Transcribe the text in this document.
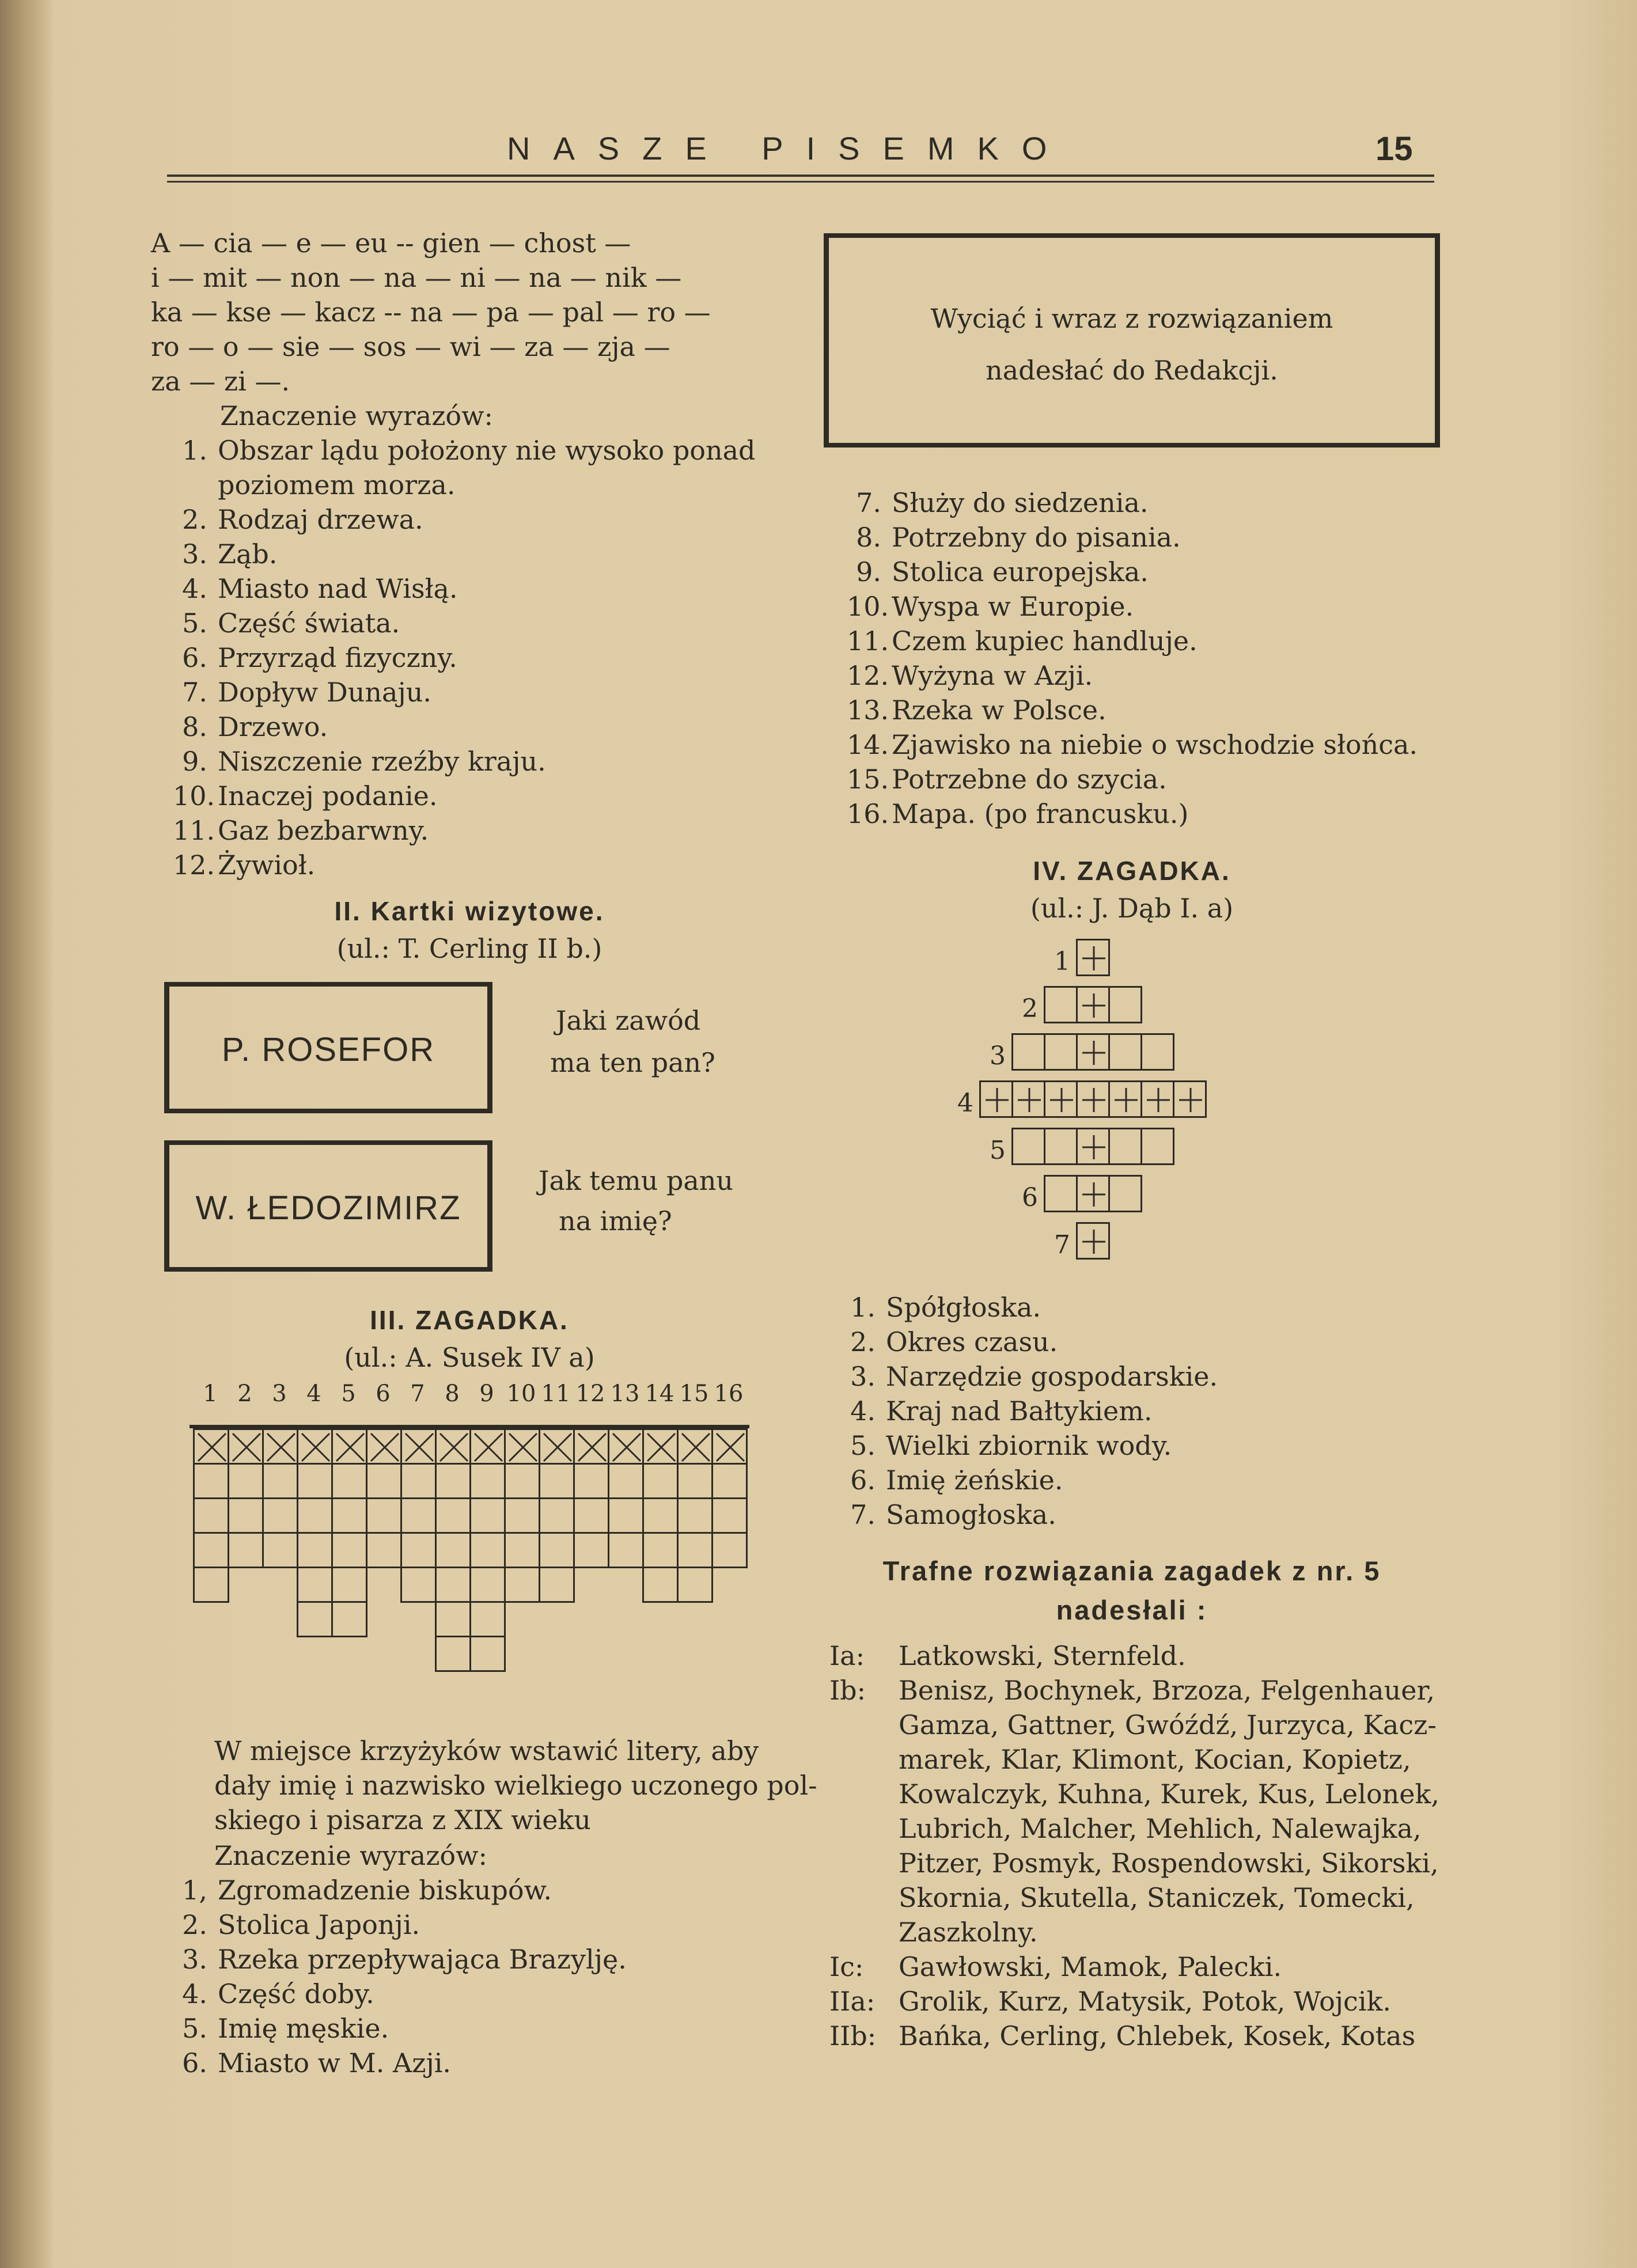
NASZE PISEMKO	15
A — cia — e — eu -- gien — chost —
i — mit — non — na — ni — na — nik —
ka — kse — kacz -- na — pa — pal — ro —
ro — o — sie — sos — wi — za — zja —
za — zi —.
Znaczenie wyrazów:
1. Obszar lądu położony nie wysoko ponad
poziomem morza.
2. Rodzaj drzewa.
3. Ząb.
4. Miasto nad Wisłą.
5. Część świata.
6. Przyrząd fizyczny.
7. Dopływ Dunaju.
8. Drzewo.
9. Niszczenie rzeźby kraju.
10. Inaczej podanie.
11. Gaz bezbarwny.
12. Żywioł.
II. Kartki wizytowe.
(ul.: T. Cerling II b.)
P. ROSEFOR
Jaki zawód
ma ten pan?
W. ŁEDOZIMIRZ
Jak temu panu
na imię?
III. ZAGADKA.
(ul.: A. Susek IV a)
1 2 3 4 5 6 7 8 9 10 11 12 13 14 15 16
W miejsce krzyżyków wstawić litery, aby
dały imię i nazwisko wielkiego uczonego pol-
skiego i pisarza z XIX wieku
Znaczenie wyrazów:
1, Zgromadzenie biskupów.
2. Stolica Japonji.
3. Rzeka przepływająca Brazylję.
4. Część doby.
5. Imię męskie.
6. Miasto w M. Azji.
Wyciąć i wraz z rozwiązaniem
nadesłać do Redakcji.
7. Służy do siedzenia.
8. Potrzebny do pisania.
9. Stolica europejska.
10. Wyspa w Europie.
11. Czem kupiec handluje.
12. Wyżyna w Azji.
13. Rzeka w Polsce.
14. Zjawisko na niebie o wschodzie słońca.
15. Potrzebne do szycia.
16. Mapa. (po francusku.)
IV. ZAGADKA.
(ul.: J. Dąb I. a)
1
2
3
4
5
6
7
1. Spółgłoska.
2. Okres czasu.
3. Narzędzie gospodarskie.
4. Kraj nad Bałtykiem.
5. Wielki zbiornik wody.
6. Imię żeńskie.
7. Samogłoska.
Trafne rozwiązania zagadek z nr. 5
nadesłali :
Ia: Latkowski, Sternfeld.
Ib: Benisz, Bochynek, Brzoza, Felgenhauer,
Gamza, Gattner, Gwóźdź, Jurzyca, Kacz-
marek, Klar, Klimont, Kocian, Kopietz,
Kowalczyk, Kuhna, Kurek, Kus, Lelonek,
Lubrich, Malcher, Mehlich, Nalewajka,
Pitzer, Posmyk, Rospendowski, Sikorski,
Skornia, Skutella, Staniczek, Tomecki,
Zaszkolny.
Ic: Gawłowski, Mamok, Palecki.
IIa: Grolik, Kurz, Matysik, Potok, Wojcik.
IIb: Bańka, Cerling, Chlebek, Kosek, Kotas
